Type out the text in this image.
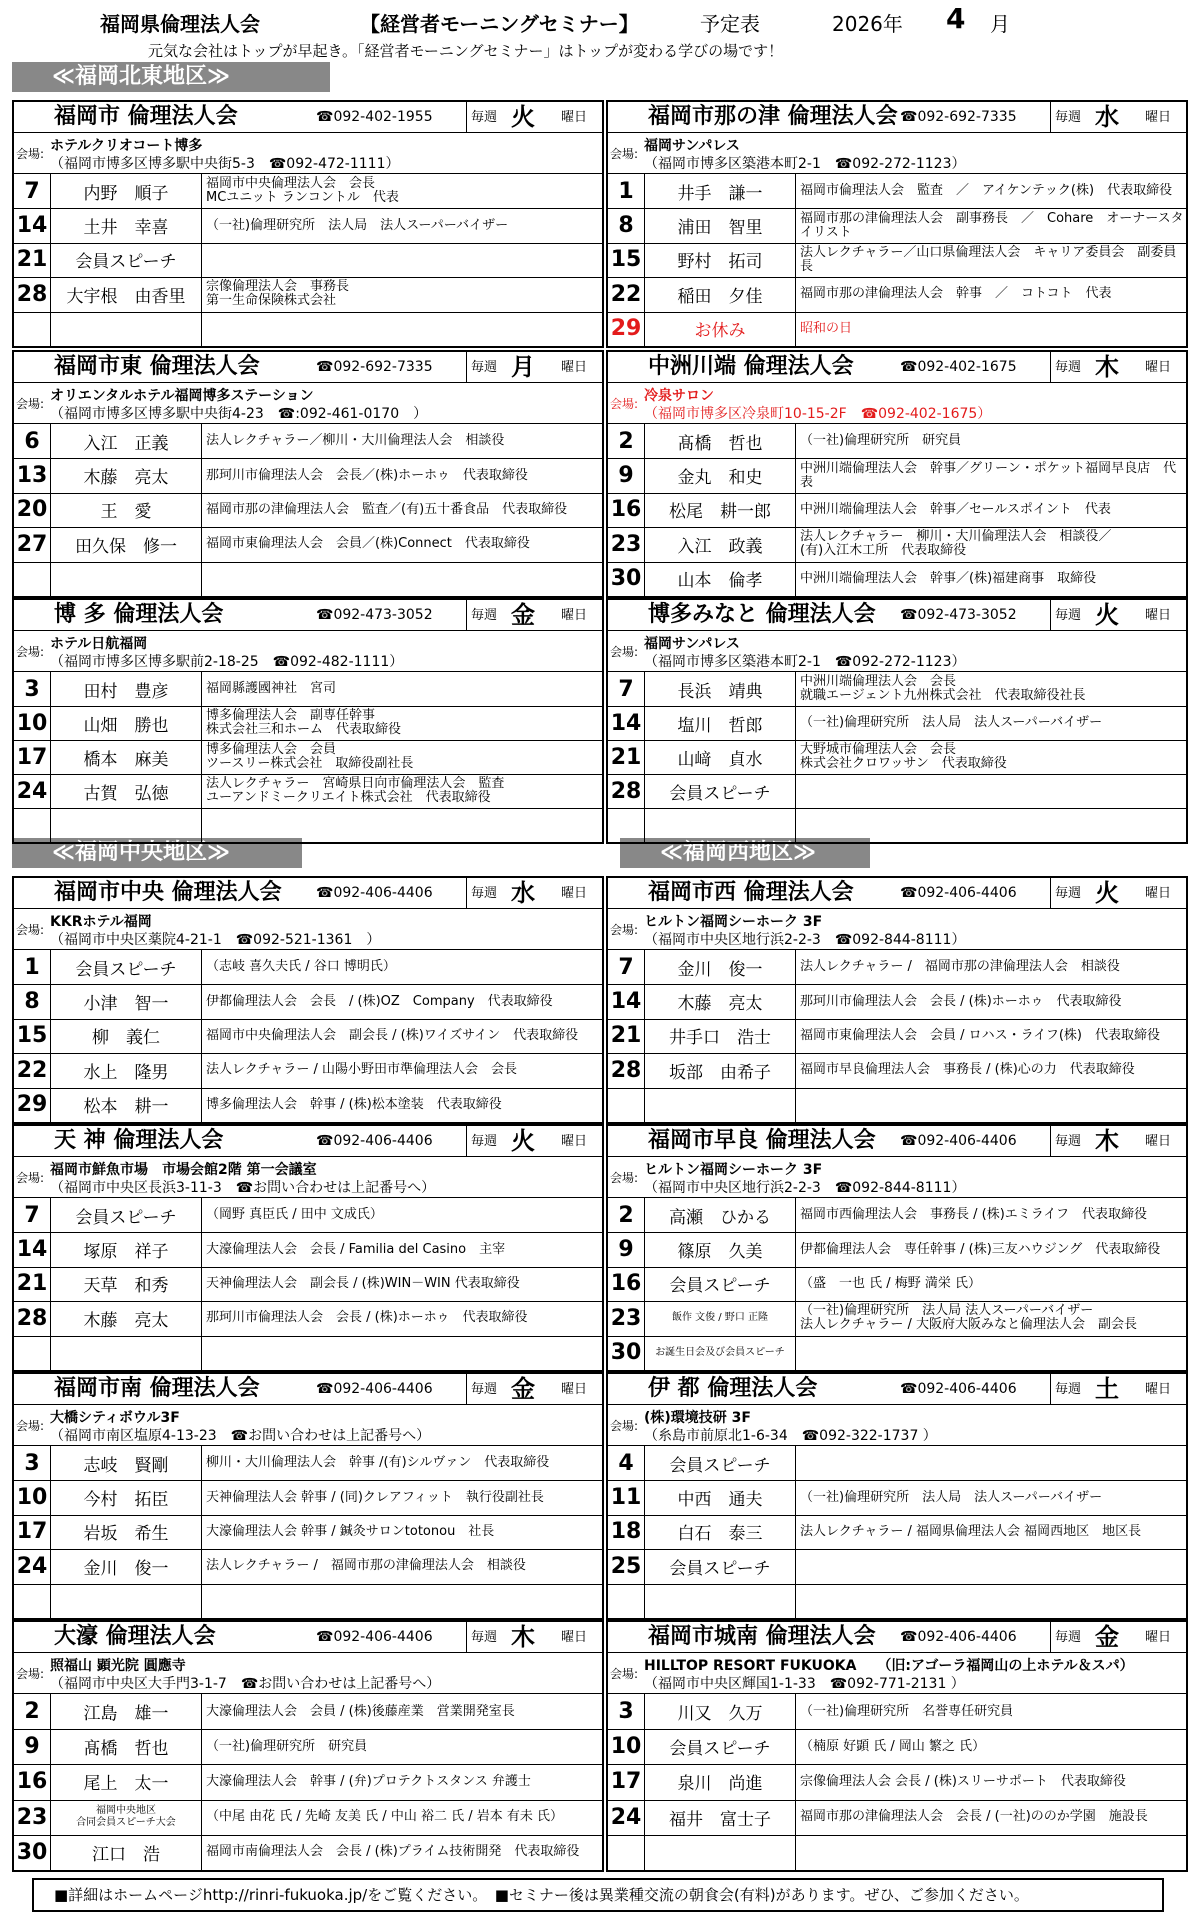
福岡県倫理法人会	【経営者モーニングセミナー】	予定表	2026年 4 月
元気な会社はトップが早起き。「経営者モーニングセミナー」はトップが変わる学びの場です！
≪福岡北東地区≫
≪福岡中央地区≫	≪福岡西地区≫
福岡市 倫理法人会	☎092-402-1955	毎週 火 曜日
会場: ホテルクリオコート博多
（福岡市博多区博多駅中央街5-3　☎092-472-1111）
7	内野　順子	福岡市中央倫理法人会　会長
MCユニット ランコントル　代表
14	土井　幸喜	（一社)倫理研究所　法人局　法人スーパーバイザー
21	会員スピーチ
28	大宇根　由香里	宗像倫理法人会　事務長
第一生命保険株式会社
福岡市那の津 倫理法人会 ☎092-692-7335	毎週 水 曜日
会場: 福岡サンパレス
（福岡市博多区築港本町2-1　☎092-272-1123）
1	井手　謙一	福岡市倫理法人会　監査　／　アイケンテック(株)　代表取締役
8	浦田　智里	福岡市那の津倫理法人会　副事務長　／　Cohare　オーナースタイリスト
15	野村　拓司	法人レクチャラー／山口県倫理法人会　キャリア委員会　副委員長
22	稲田　夕佳	福岡市那の津倫理法人会　幹事　／　コトコト　代表
29	お休み	昭和の日
福岡市東 倫理法人会	☎092-692-7335	毎週 月 曜日
会場: オリエンタルホテル福岡博多ステーション
（福岡市博多区博多駅中央街4-23　☎:092-461-0170　）
6	入江　正義	法人レクチャラー／柳川・大川倫理法人会　相談役
13	木藤　亮太	那珂川市倫理法人会　会長／(株)ホーホゥ　代表取締役
20	王　愛	福岡市那の津倫理法人会　監査／(有)五十番食品　代表取締役
27	田久保　修一	福岡市東倫理法人会　会員／(株)Connect　代表取締役
中洲川端 倫理法人会	☎092-402-1675	毎週 木 曜日
会場: 冷泉サロン
（福岡市博多区冷泉町10-15-2F　☎092-402-1675）
2	髙橋　哲也	（一社)倫理研究所　研究員
9	金丸　和史	中洲川端倫理法人会　幹事／グリーン・ポケット福岡早良店　代表
16	松尾　耕一郎	中洲川端倫理法人会　幹事／セールスポイント　代表
23	入江　政義	法人レクチャラー　柳川・大川倫理法人会　相談役／
(有)入江木工所　代表取締役
30	山本　倫孝	中洲川端倫理法人会　幹事／(株)福建商事　取締役
博 多 倫理法人会	☎092-473-3052	毎週 金 曜日
会場: ホテル日航福岡
（福岡市博多区博多駅前2-18-25　☎092-482-1111）
3	田村　豊彦	福岡縣護國神社　宮司
10	山畑　勝也	博多倫理法人会　副専任幹事
株式会社三和ホーム　代表取締役
17	橋本　麻美	博多倫理法人会　会員
ツースリー株式会社　取締役副社長
24	古賀　弘徳	法人レクチャラー　宮崎県日向市倫理法人会　監査
ユーアンドミークリエイト株式会社　代表取締役
博多みなと 倫理法人会 ☎092-473-3052	毎週 火 曜日
会場: 福岡サンパレス
（福岡市博多区築港本町2-1　☎092-272-1123）
7	長浜　靖典	中洲川端倫理法人会　会長
就職エージェント九州株式会社　代表取締役社長
14	塩川　哲郎	（一社)倫理研究所　法人局　法人スーパーバイザー
21	山﨑　貞水	大野城市倫理法人会　会長
株式会社クロワッサン　代表取締役
28	会員スピーチ
福岡市中央 倫理法人会 ☎092-406-4406	毎週 水 曜日
会場: KKRホテル福岡
（福岡市中央区薬院4-21-1　☎092-521-1361　）
1	会員スピーチ	（志岐 喜久夫氏 / 谷口 博明氏）
8	小津　智一	伊都倫理法人会　会長　/ (株)OZ　Company　代表取締役
15	柳　義仁	福岡市中央倫理法人会　副会長 / (株)ワイズサイン　代表取締役
22	水上　隆男	法人レクチャラー / 山陽小野田市準倫理法人会　会長
29	松本　耕一	博多倫理法人会　幹事 / (株)松本塗装　代表取締役
福岡市西 倫理法人会	☎092-406-4406	毎週 火 曜日
会場: ヒルトン福岡シーホーク 3F
（福岡市中央区地行浜2-2-3　☎092-844-8111）
7	金川　俊一	法人レクチャラー /　福岡市那の津倫理法人会　相談役
14	木藤　亮太	那珂川市倫理法人会　会長 / (株)ホーホゥ　代表取締役
21	井手口　浩士	福岡市東倫理法人会　会員 / ロハス・ライフ(株)　代表取締役
28	坂部　由希子	福岡市早良倫理法人会　事務長 / (株)心の力　代表取締役
天 神 倫理法人会	☎092-406-4406	毎週 火 曜日
会場: 福岡市鮮魚市場　市場会館2階 第一会議室
（福岡市中央区長浜3-11-3　☎お問い合わせは上記番号へ）
7	会員スピーチ	（岡野 真臣氏 / 田中 文成氏）
14	塚原　祥子	大濠倫理法人会　会長 / Familia del Casino　主宰
21	天草　和秀	天神倫理法人会　副会長 / (株)WIN－WIN 代表取締役
28	木藤　亮太	那珂川市倫理法人会　会長 / (株)ホーホゥ　代表取締役
福岡市早良 倫理法人会 ☎092-406-4406	毎週 木 曜日
会場: ヒルトン福岡シーホーク 3F
（福岡市中央区地行浜2-2-3　☎092-844-8111）
2	高瀬　ひかる	福岡市西倫理法人会　事務長 / (株)エミライフ　代表取締役
9	篠原　久美	伊都倫理法人会　専任幹事 / (株)三友ハウジング　代表取締役
16	会員スピーチ	（盛　一也 氏 / 梅野 満栄 氏）
23	飯作 文俊 / 野口 正隆	（一社)倫理研究所　法人局 法人スーパーバイザー
法人レクチャラー / 大阪府大阪みなと倫理法人会　副会長
30	お誕生日会及び会員スピーチ
福岡市南 倫理法人会	☎092-406-4406	毎週 金 曜日
会場: 大橋シティボウル3F
（福岡市南区塩原4-13-23　☎お問い合わせは上記番号へ）
3	志岐　賢剛	柳川・大川倫理法人会　幹事 /(有)シルヴァン　代表取締役
10	今村　拓臣	天神倫理法人会 幹事 / (同)クレアフィット　執行役副社長
17	岩坂　希生	大濠倫理法人会 幹事 / 鍼灸サロンtotonou　社長
24	金川　俊一	法人レクチャラー /　福岡市那の津倫理法人会　相談役
伊 都 倫理法人会	☎092-406-4406	毎週 土 曜日
会場: (株)環境技研 3F
（糸島市前原北1-6-34　☎092-322-1737 ）
4	会員スピーチ
11	中西　通夫	（一社)倫理研究所　法人局　法人スーパーバイザー
18	白石　泰三	法人レクチャラー / 福岡県倫理法人会 福岡西地区　地区長
25	会員スピーチ
大濠 倫理法人会	☎092-406-4406	毎週 木 曜日
会場: 照福山 顕光院 圓應寺
（福岡市中央区大手門3-1-7　☎お問い合わせは上記番号へ）
2	江島　雄一	大濠倫理法人会　会員 / (株)後藤産業　営業開発室長
9	髙橋　哲也	（一社)倫理研究所　研究員
16	尾上　太一	大濠倫理法人会　幹事 / (弁)プロテクトスタンス 弁護士
23	福岡中央地区
合同会員スピーチ大会	（中尾 由花 氏 / 先崎 友美 氏 / 中山 裕二 氏 / 岩本 有未 氏）
30	江口　浩	福岡市南倫理法人会　会長 / (株)プライム技術開発　代表取締役
福岡市城南 倫理法人会 ☎092-406-4406	毎週 金 曜日
会場: HILLTOP RESORT FUKUOKA　　（旧:アゴーラ福岡山の上ホテル＆スパ）
（福岡市中央区輝国1-1-33　☎092-771-2131 ）
3	川又　久万	（一社)倫理研究所　名誉専任研究員
10	会員スピーチ	（楠原 好顕 氏 / 岡山 繁之 氏）
17	泉川　尚進	宗像倫理法人会 会長 / (株)スリーサポート　代表取締役
24	福井　富士子	福岡市那の津倫理法人会　会長 / (一社)ののか学園　施設長
■詳細はホームページhttp://rinri-fukuoka.jp/をご覧ください。　■セミナー後は異業種交流の朝食会(有料)があります。ぜひ、ご参加ください。
